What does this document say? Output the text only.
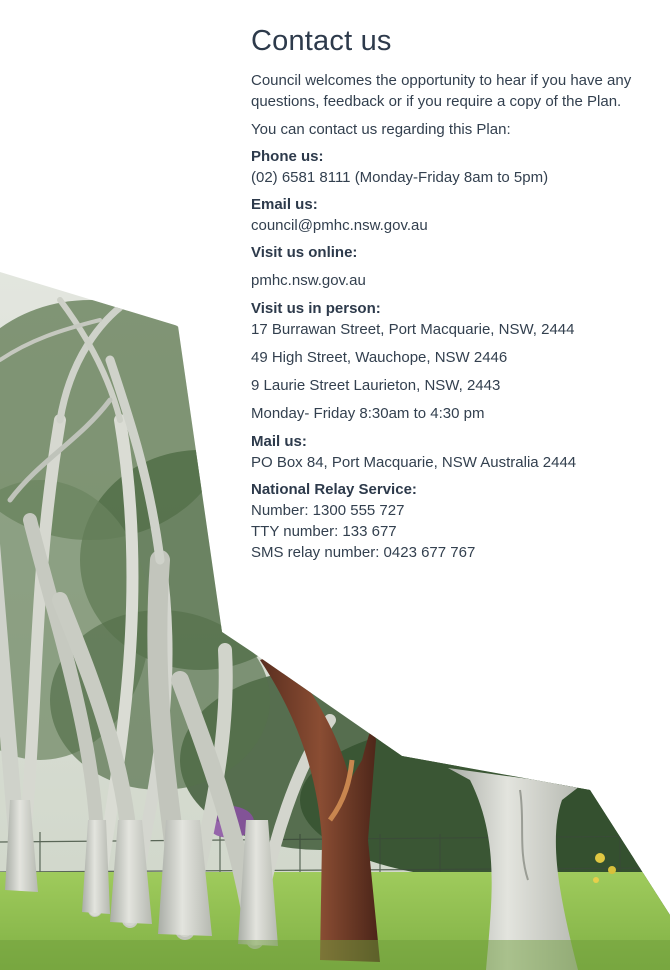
Contact us

Council welcomes the opportunity to hear if you have any questions, feedback or if you require a copy of the Plan.

You can contact us regarding this Plan:

Phone us:

(02) 6581 8111 (Monday-Friday 8am to 5pm)

Email us:

council@pmhc.nsw.gov.au

Visit us online:

pmhc.nsw.gov.au

Visit us in person:

17 Burrawan Street, Port Macquarie, NSW, 2444

49 High Street, Wauchope, NSW 2446

9 Laurie Street Laurieton, NSW, 2443

Monday- Friday 8:30am to 4:30 pm

Mail us:

PO Box 84, Port Macquarie, NSW Australia 2444

National Relay Service:

Number: 1300 555 727

TTY number: 133 677

SMS relay number: 0423 677 767
